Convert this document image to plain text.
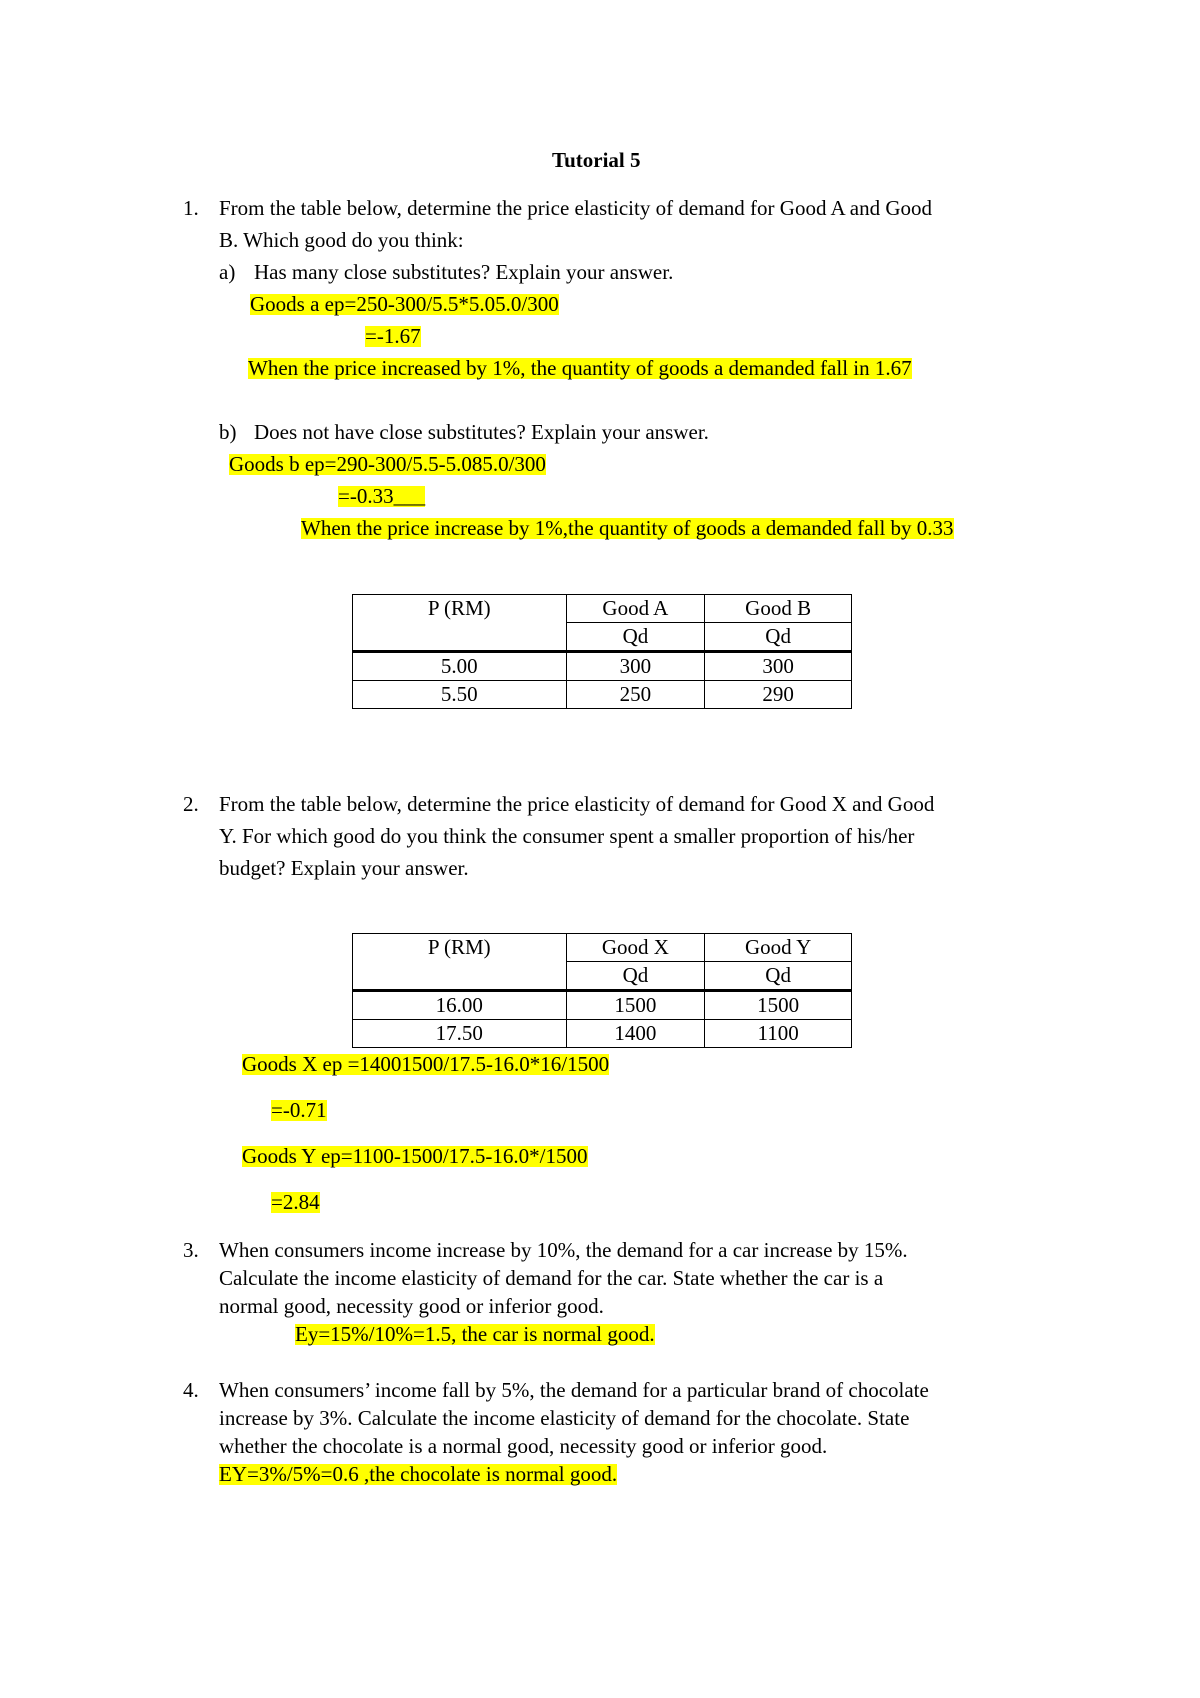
Tutorial 5
1. From the table below, determine the price elasticity of demand for Good A and Good
B. Which good do you think:
a) Has many close substitutes? Explain your answer.
Goods a ep=250-300/5.5*5.05.0/300
=-1.67
When the price increased by 1%, the quantity of goods a demanded fall in 1.67
b) Does not have close substitutes? Explain your answer.
Goods b ep=290-300/5.5-5.085.0/300
=-0.33___
When the price increase by 1%,the quantity of goods a demanded fall by 0.33
P (RM)	Good A	Good B
	Qd	Qd
5.00	300	300
5.50	250	290
2. From the table below, determine the price elasticity of demand for Good X and Good
Y. For which good do you think the consumer spent a smaller proportion of his/her
budget? Explain your answer.
P (RM)	Good X	Good Y
	Qd	Qd
16.00	1500	1500
17.50	1400	1100
Goods X ep =14001500/17.5-16.0*16/1500
=-0.71
Goods Y ep=1100-1500/17.5-16.0*/1500
=2.84
3. When consumers income increase by 10%, the demand for a car increase by 15%.
Calculate the income elasticity of demand for the car. State whether the car is a
normal good, necessity good or inferior good.
Ey=15%/10%=1.5, the car is normal good.
4. When consumers’ income fall by 5%, the demand for a particular brand of chocolate
increase by 3%. Calculate the income elasticity of demand for the chocolate. State
whether the chocolate is a normal good, necessity good or inferior good.
EY=3%/5%=0.6 ,the chocolate is normal good.
